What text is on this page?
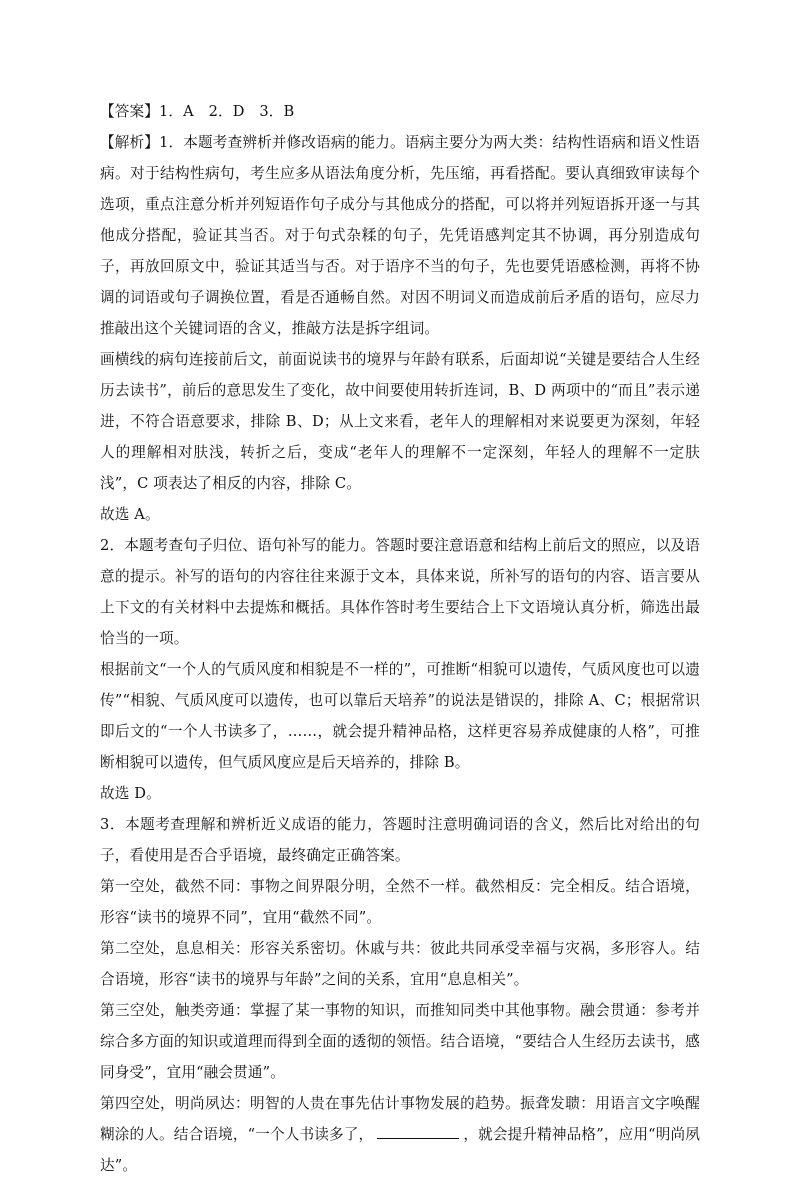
【答案】1．A　2．D　3．B

【解析】1．本题考查辨析并修改语病的能力。语病主要分为两大类：结构性语病和语义性语病。对于结构性病句，考生应多从语法角度分析，先压缩，再看搭配。要认真细致审读每个选项，重点注意分析并列短语作句子成分与其他成分的搭配，可以将并列短语拆开逐一与其他成分搭配，验证其当否。对于句式杂糅的句子，先凭语感判定其不协调，再分别造成句子，再放回原文中，验证其适当与否。对于语序不当的句子，先也要凭语感检测，再将不协调的词语或句子调换位置，看是否通畅自然。对因不明词义而造成前后矛盾的语句，应尽力推敲出这个关键词语的含义，推敲方法是拆字组词。

画横线的病句连接前后文，前面说读书的境界与年龄有联系，后面却说“关键是要结合人生经历去读书”，前后的意思发生了变化，故中间要使用转折连词，B、D 两项中的“而且”表示递进，不符合语意要求，排除 B、D；从上文来看，老年人的理解相对来说要更为深刻，年轻人的理解相对肤浅，转折之后，变成“老年人的理解不一定深刻，年轻人的理解不一定肤浅”，C 项表达了相反的内容，排除 C。

故选 A。

2．本题考查句子归位、语句补写的能力。答题时要注意语意和结构上前后文的照应，以及语意的提示。补写的语句的内容往往来源于文本，具体来说，所补写的语句的内容、语言要从上下文的有关材料中去提炼和概括。具体作答时考生要结合上下文语境认真分析，筛选出最恰当的一项。

根据前文“一个人的气质风度和相貌是不一样的”，可推断“相貌可以遗传，气质风度也可以遗传”“相貌、气质风度可以遗传，也可以靠后天培养”的说法是错误的，排除 A、C；根据常识即后文的“一个人书读多了，……，就会提升精神品格，这样更容易养成健康的人格”，可推断相貌可以遗传，但气质风度应是后天培养的，排除 B。

故选 D。

3．本题考查理解和辨析近义成语的能力，答题时注意明确词语的含义，然后比对给出的句子，看使用是否合乎语境，最终确定正确答案。

第一空处，截然不同：事物之间界限分明，全然不一样。截然相反：完全相反。结合语境，形容“读书的境界不同”，宜用“截然不同”。

第二空处，息息相关：形容关系密切。休戚与共：彼此共同承受幸福与灾祸，多形容人。结合语境，形容“读书的境界与年龄”之间的关系，宜用“息息相关”。

第三空处，触类旁通：掌握了某一事物的知识，而推知同类中其他事物。融会贯通：参考并综合多方面的知识或道理而得到全面的透彻的领悟。结合语境，“要结合人生经历去读书，感同身受”，宜用“融会贯通”。

第四空处，明尚夙达：明智的人贵在事先估计事物发展的趋势。振聋发聩：用语言文字唤醒糊涂的人。结合语境，“一个人书读多了，	，就会提升精神品格”，应用“明尚夙达”。
